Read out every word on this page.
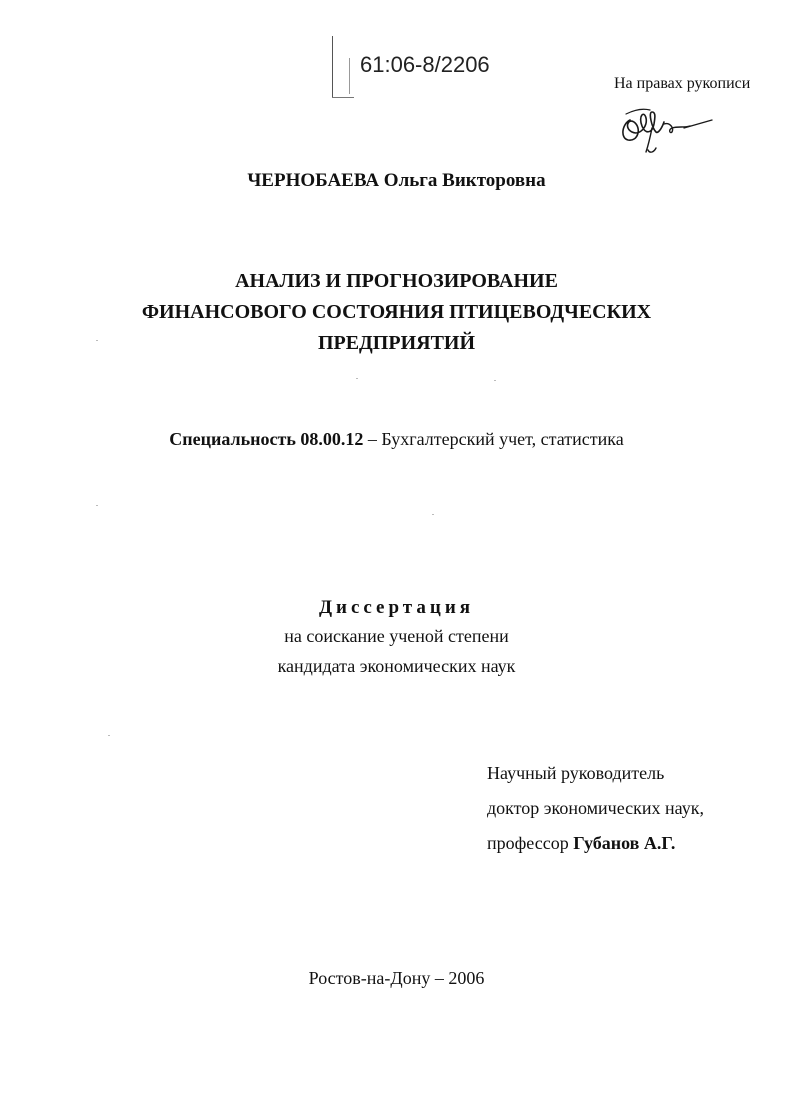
61:06-8/2206
На правах рукописи
ЧЕРНОБАЕВА Ольга Викторовна
АНАЛИЗ И ПРОГНОЗИРОВАНИЕ
ФИНАНСОВОГО СОСТОЯНИЯ ПТИЦЕВОДЧЕСКИХ
ПРЕДПРИЯТИЙ
Специальность 08.00.12 – Бухгалтерский учет, статистика
Диссертация
на соискание ученой степени
кандидата экономических наук
Научный руководитель
доктор экономических наук,
профессор Губанов А.Г.
Ростов-на-Дону – 2006
